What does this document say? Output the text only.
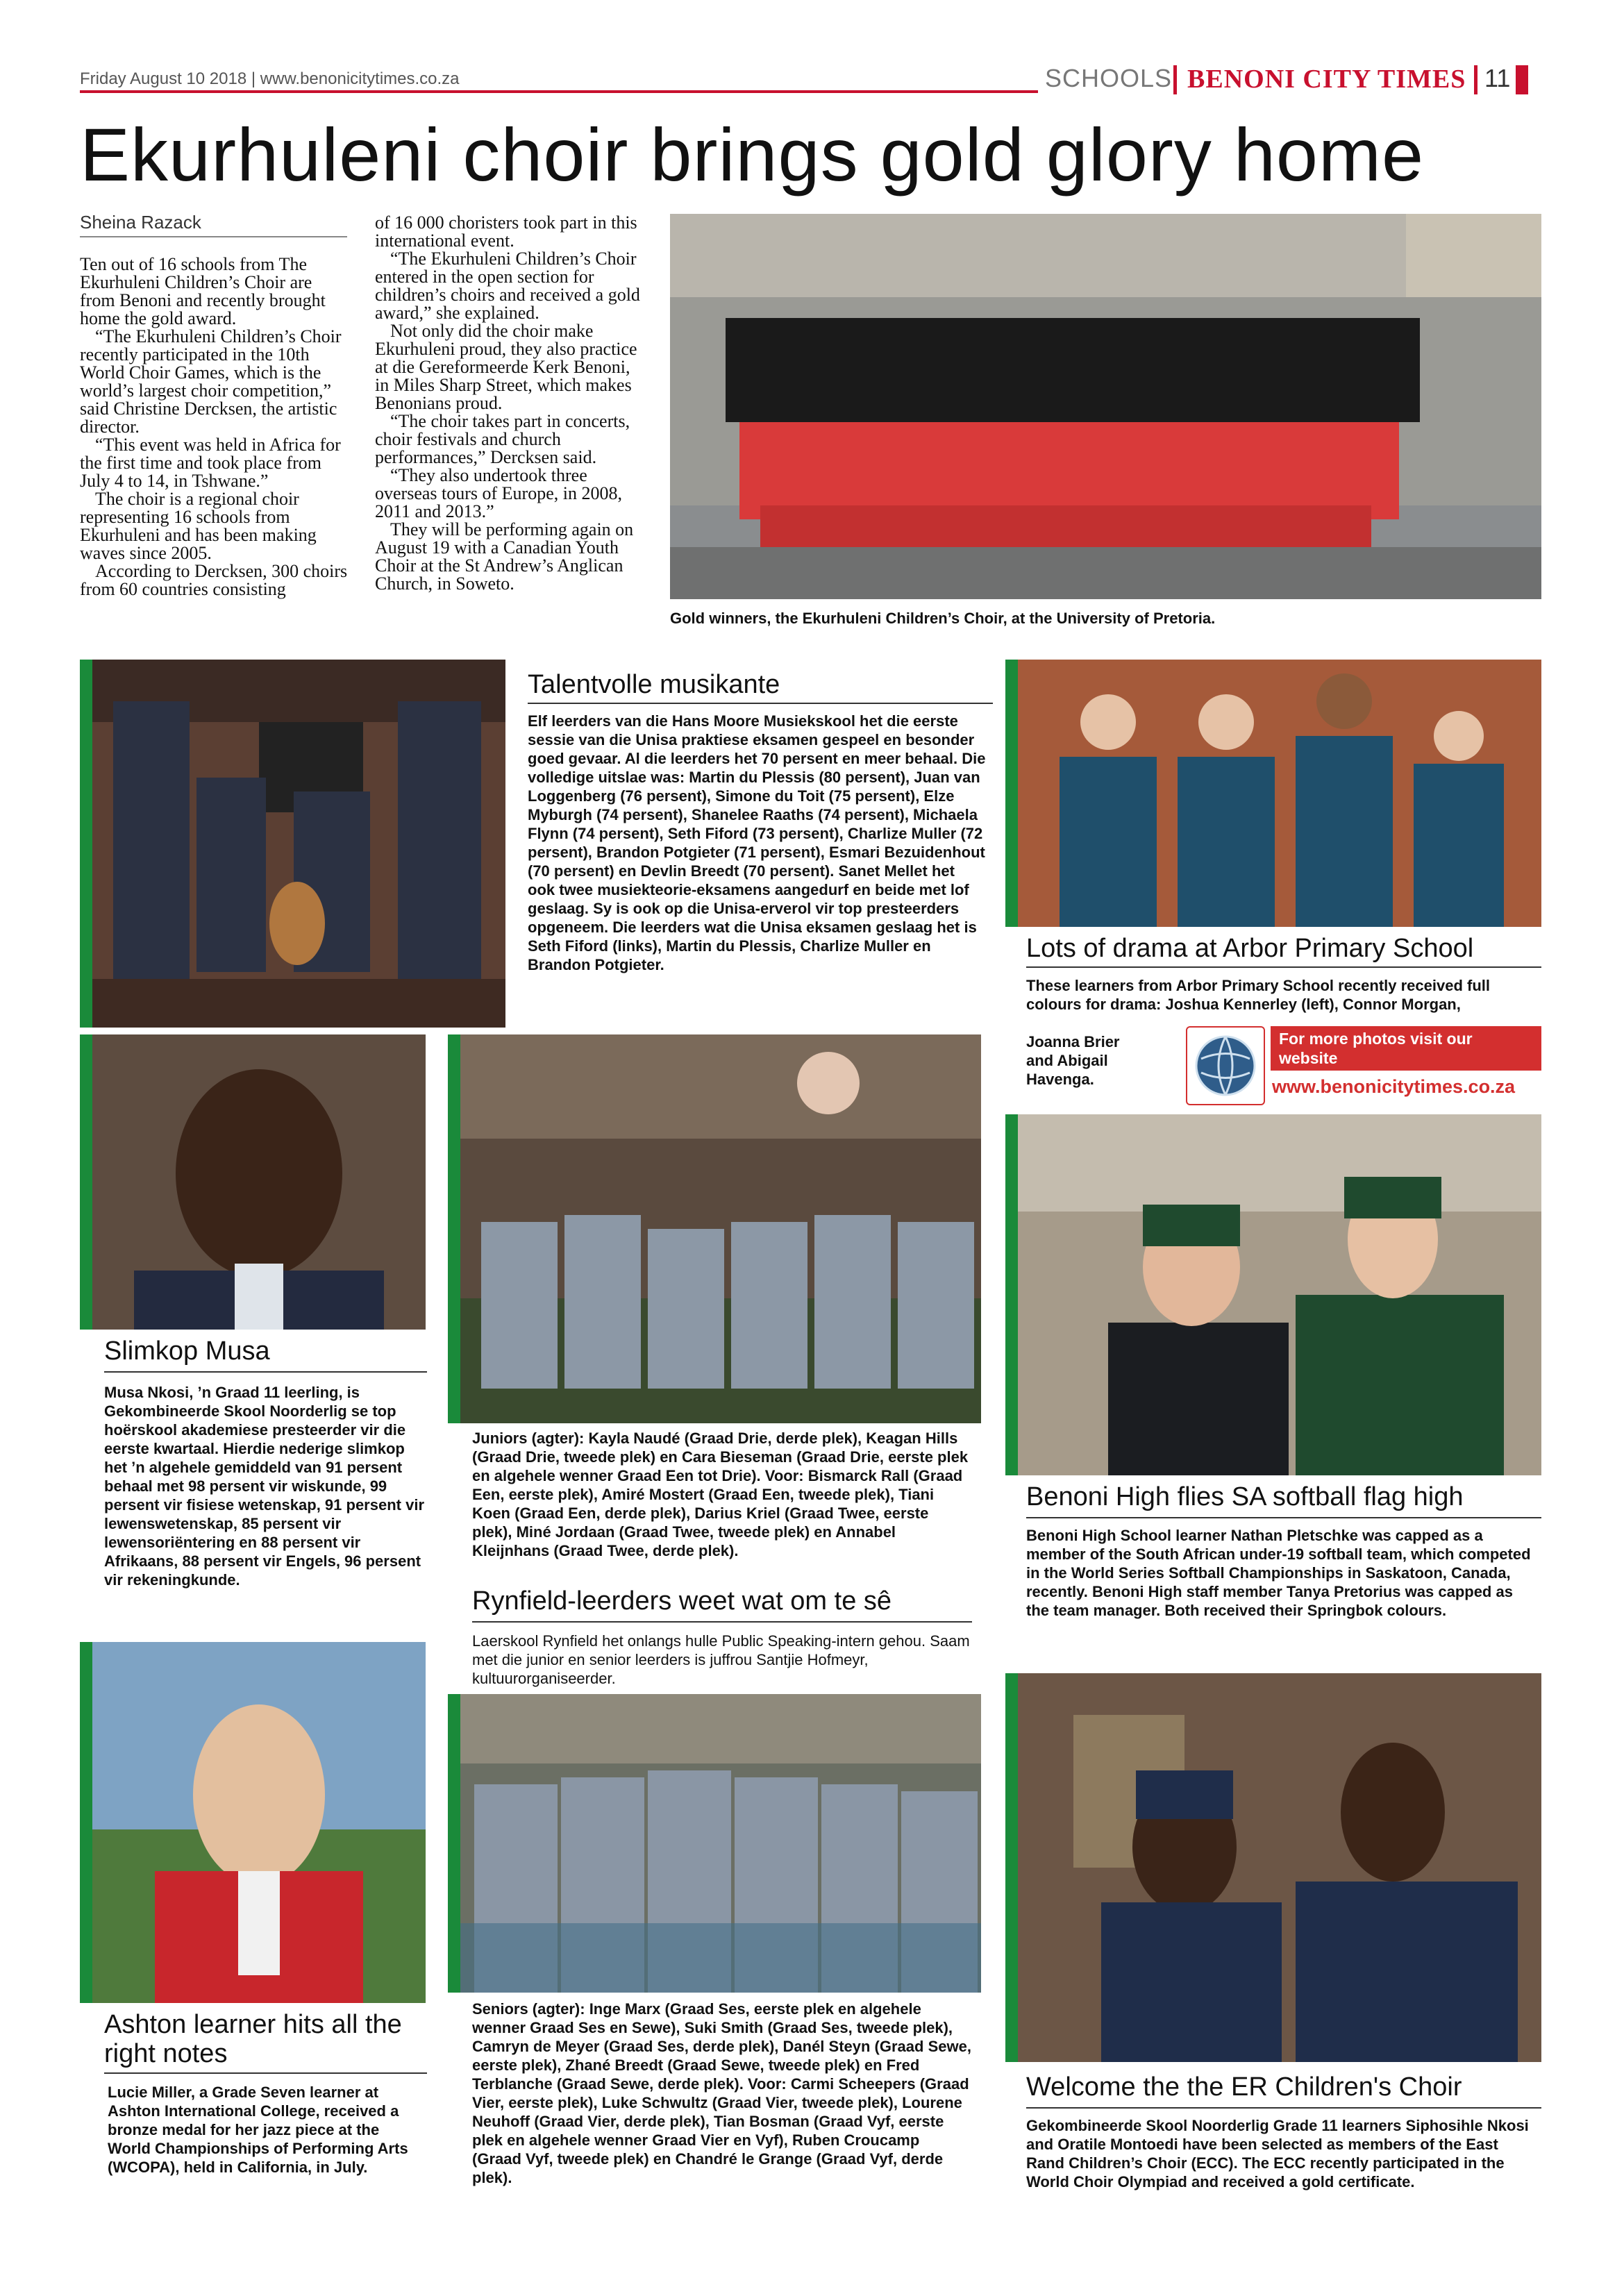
Friday August 10 2018 | www.benonicitytimes.co.za	SCHOOLS BENONI CITY TIMES 11
Ekurhuleni choir brings gold glory home
Sheina Razack

Ten out of 16 schools from The Ekurhuleni Children’s Choir are from Benoni and recently brought home the gold award.

“The Ekurhuleni Children’s Choir recently participated in the 10th World Choir Games, which is the world’s largest choir competition,” said Christine Dercksen, the artistic director.

“This event was held in Africa for the first time and took place from July 4 to 14, in Tshwane.”

The choir is a regional choir representing 16 schools from Ekurhuleni and has been making waves since 2005.

According to Dercksen, 300 choirs from 60 countries consisting

of 16 000 choristers took part in this international event.

“The Ekurhuleni Children’s Choir entered in the open section for children’s choirs and received a gold award,” she explained.

Not only did the choir make Ekurhuleni proud, they also practice at die Gereformeerde Kerk Benoni, in Miles Sharp Street, which makes Benonians proud.

“The choir takes part in concerts, choir festivals and church performances,” Dercksen said.

“They also undertook three overseas tours of Europe, in 2008, 2011 and 2013.”

They will be performing again on August 19 with a Canadian Youth Choir at the St Andrew’s Anglican Church, in Soweto.

Gold winners, the Ekurhuleni Children’s Choir, at the University of Pretoria.
Talentvolle musikante
Elf leerders van die Hans Moore Musiekskool het die eerste sessie van die Unisa praktiese eksamen gespeel en besonder goed gevaar. Al die leerders het 70 persent en meer behaal. Die volledige uitslae was: Martin du Plessis (80 persent), Juan van Loggenberg (76 persent), Simone du Toit (75 persent), Elze Myburgh (74 persent), Shanelee Raaths (74 persent), Michaela Flynn (74 persent), Seth Fiford (73 persent), Charlize Muller (72 persent), Brandon Potgieter (71 persent), Esmari Bezuidenhout (70 persent) en Devlin Breedt (70 persent). Sanet Mellet het ook twee musiekteorie-eksamens aangedurf en beide met lof geslaag. Sy is ook op die Unisa-erverol vir top presteerders opgeneem. Die leerders wat die Unisa eksamen geslaag het is Seth Fiford (links), Martin du Plessis, Charlize Muller en Brandon Potgieter.
Lots of drama at Arbor Primary School
These learners from Arbor Primary School recently received full colours for drama: Joshua Kennerley (left), Connor Morgan,
Joanna Brier and Abigail Havenga.
For more photos visit our website
www.benonicitytimes.co.za
Slimkop Musa
Musa Nkosi, ’n Graad 11 leerling, is Gekombineerde Skool Noorderlig se top hoërskool akademiese presteerder vir die eerste kwartaal. Hierdie nederige slimkop het ’n algehele gemiddeld van 91 persent behaal met 98 persent vir wiskunde, 99 persent vir fisiese wetenskap, 91 persent vir lewenswetenskap, 85 persent vir lewensoriëntering en 88 persent vir Afrikaans, 88 persent vir Engels, 96 persent vir rekeningkunde.
Juniors (agter): Kayla Naudé (Graad Drie, derde plek), Keagan Hills (Graad Drie, tweede plek) en Cara Bieseman (Graad Drie, eerste plek en algehele wenner Graad Een tot Drie). Voor: Bismarck Rall (Graad Een, eerste plek), Amiré Mostert (Graad Een, tweede plek), Tiani Koen (Graad Een, derde plek), Darius Kriel (Graad Twee, eerste plek), Miné Jordaan (Graad Twee, tweede plek) en Annabel Kleijnhans (Graad Twee, derde plek).
Rynfield-leerders weet wat om te sê
Laerskool Rynfield het onlangs hulle Public Speaking-intern gehou. Saam met die junior en senior leerders is juffrou Santjie Hofmeyr, kultuurorganiseerder.
Seniors (agter): Inge Marx (Graad Ses, eerste plek en algehele wenner Graad Ses en Sewe), Suki Smith (Graad Ses, tweede plek), Camryn de Meyer (Graad Ses, derde plek), Danél Steyn (Graad Sewe, eerste plek), Zhané Breedt (Graad Sewe, tweede plek) en Fred Terblanche (Graad Sewe, derde plek). Voor: Carmi Scheepers (Graad Vier, eerste plek), Luke Schwultz (Graad Vier, tweede plek), Lourene Neuhoff (Graad Vier, derde plek), Tian Bosman (Graad Vyf, eerste plek en algehele wenner Graad Vier en Vyf), Ruben Croucamp (Graad Vyf, tweede plek) en Chandré le Grange (Graad Vyf, derde plek).
Ashton learner hits all the right notes
Lucie Miller, a Grade Seven learner at Ashton International College, received a bronze medal for her jazz piece at the World Championships of Performing Arts (WCOPA), held in California, in July.
Benoni High flies SA softball flag high
Benoni High School learner Nathan Pletschke was capped as a member of the South African under-19 softball team, which competed in the World Series Softball Championships in Saskatoon, Canada, recently. Benoni High staff member Tanya Pretorius was capped as the team manager. Both received their Springbok colours.
Welcome the the ER Children's Choir
Gekombineerde Skool Noorderlig Grade 11 learners Siphosihle Nkosi and Oratile Montoedi have been selected as members of the East Rand Children’s Choir (ECC). The ECC recently participated in the World Choir Olympiad and received a gold certificate.
